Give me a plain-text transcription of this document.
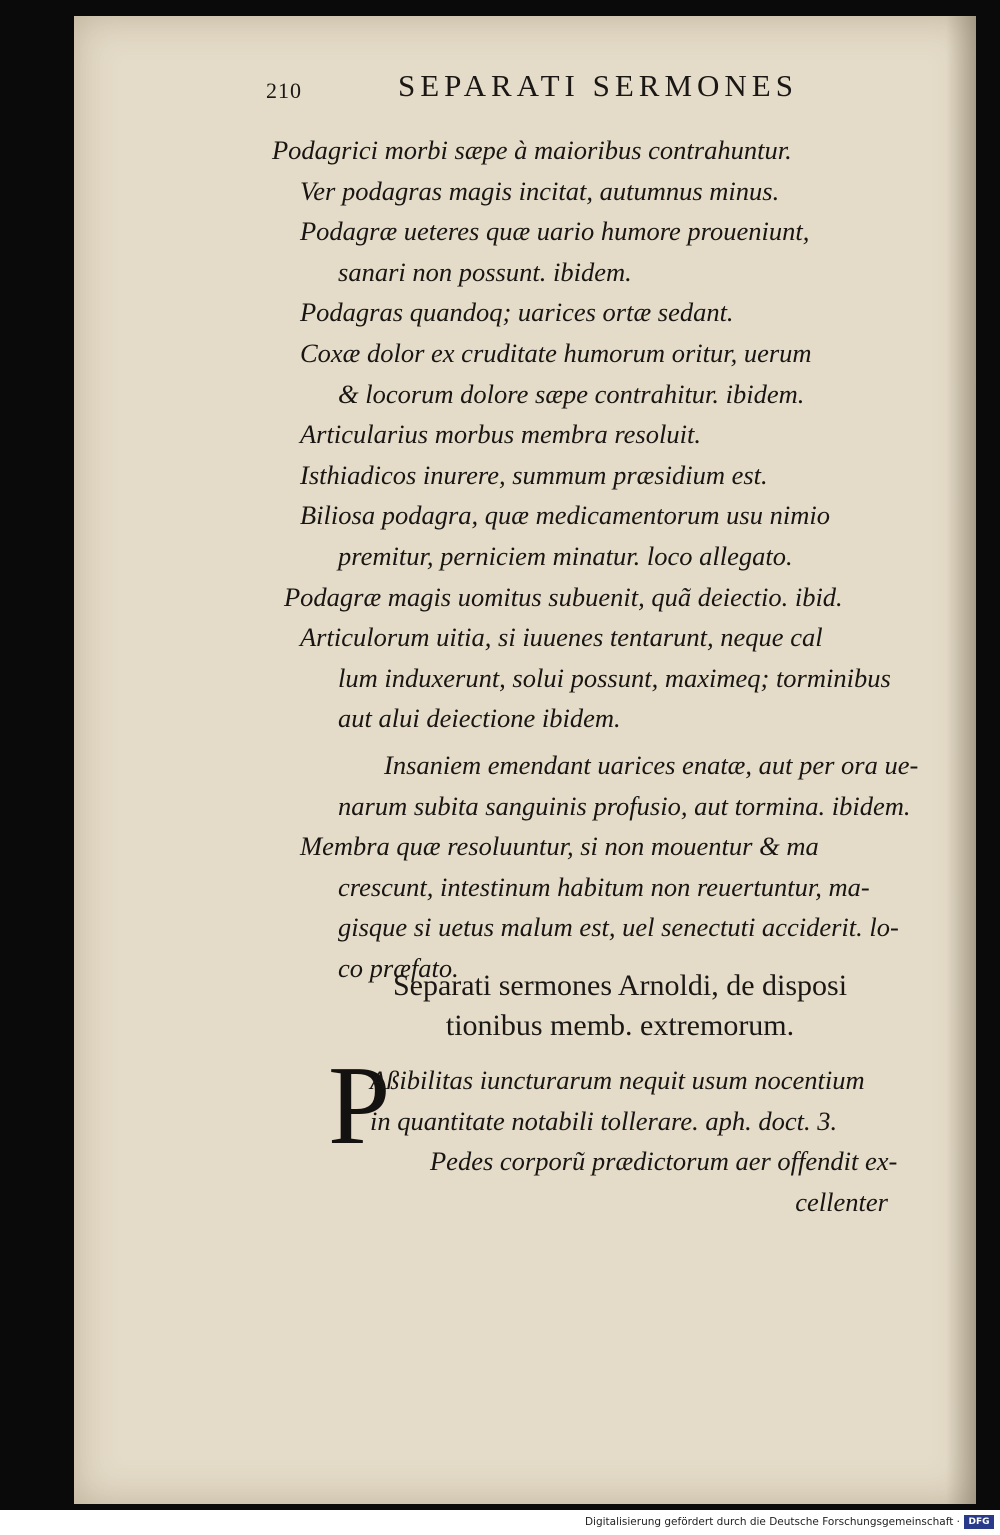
210	SEPARATI SERMONES
Podagrici morbi sæpe à maioribus contrahuntur.
Ver podagras magis incitat, autumnus minus.
Podagræ ueteres quæ uario humore proueniunt,
sanari non possunt. ibidem.
Podagras quandoq; uarices ortæ sedant.
Coxæ dolor ex cruditate humorum oritur, uerum
& locorum dolore sæpe contrahitur. ibidem.
Articularius morbus membra resoluit.
Isthiadicos inurere, summum præsidium est.
Biliosa podagra, quæ medicamentorum usu nimio
premitur, perniciem minatur. loco allegato.
Podagræ magis uomitus subuenit, quã deiectio. ibid.
Articulorum uitia, si iuuenes tentarunt, neque cal
lum induxerunt, solui possunt, maximeq; torminibus
aut alui deiectione ibidem.
Insaniem emendant uarices enatæ, aut per ora ue-
narum subita sanguinis profusio, aut tormina. ibidem.
Membra quæ resoluuntur, si non mouentur & ma
crescunt, intestinum habitum non reuertuntur, ma-
gisque si uetus malum est, uel senectuti acciderit. lo-
co præfato.
Separati sermones Arnoldi, de disposi
tionibus memb. extremorum.
P
Aßibilitas iuncturarum nequit usum nocentium
in quantitate notabili tollerare. aph. doct. 3.
Pedes corporũ prædictorum aer offendit ex-
cellenter
Digitalisierung gefördert durch die Deutsche Forschungsgemeinschaft · DFG
